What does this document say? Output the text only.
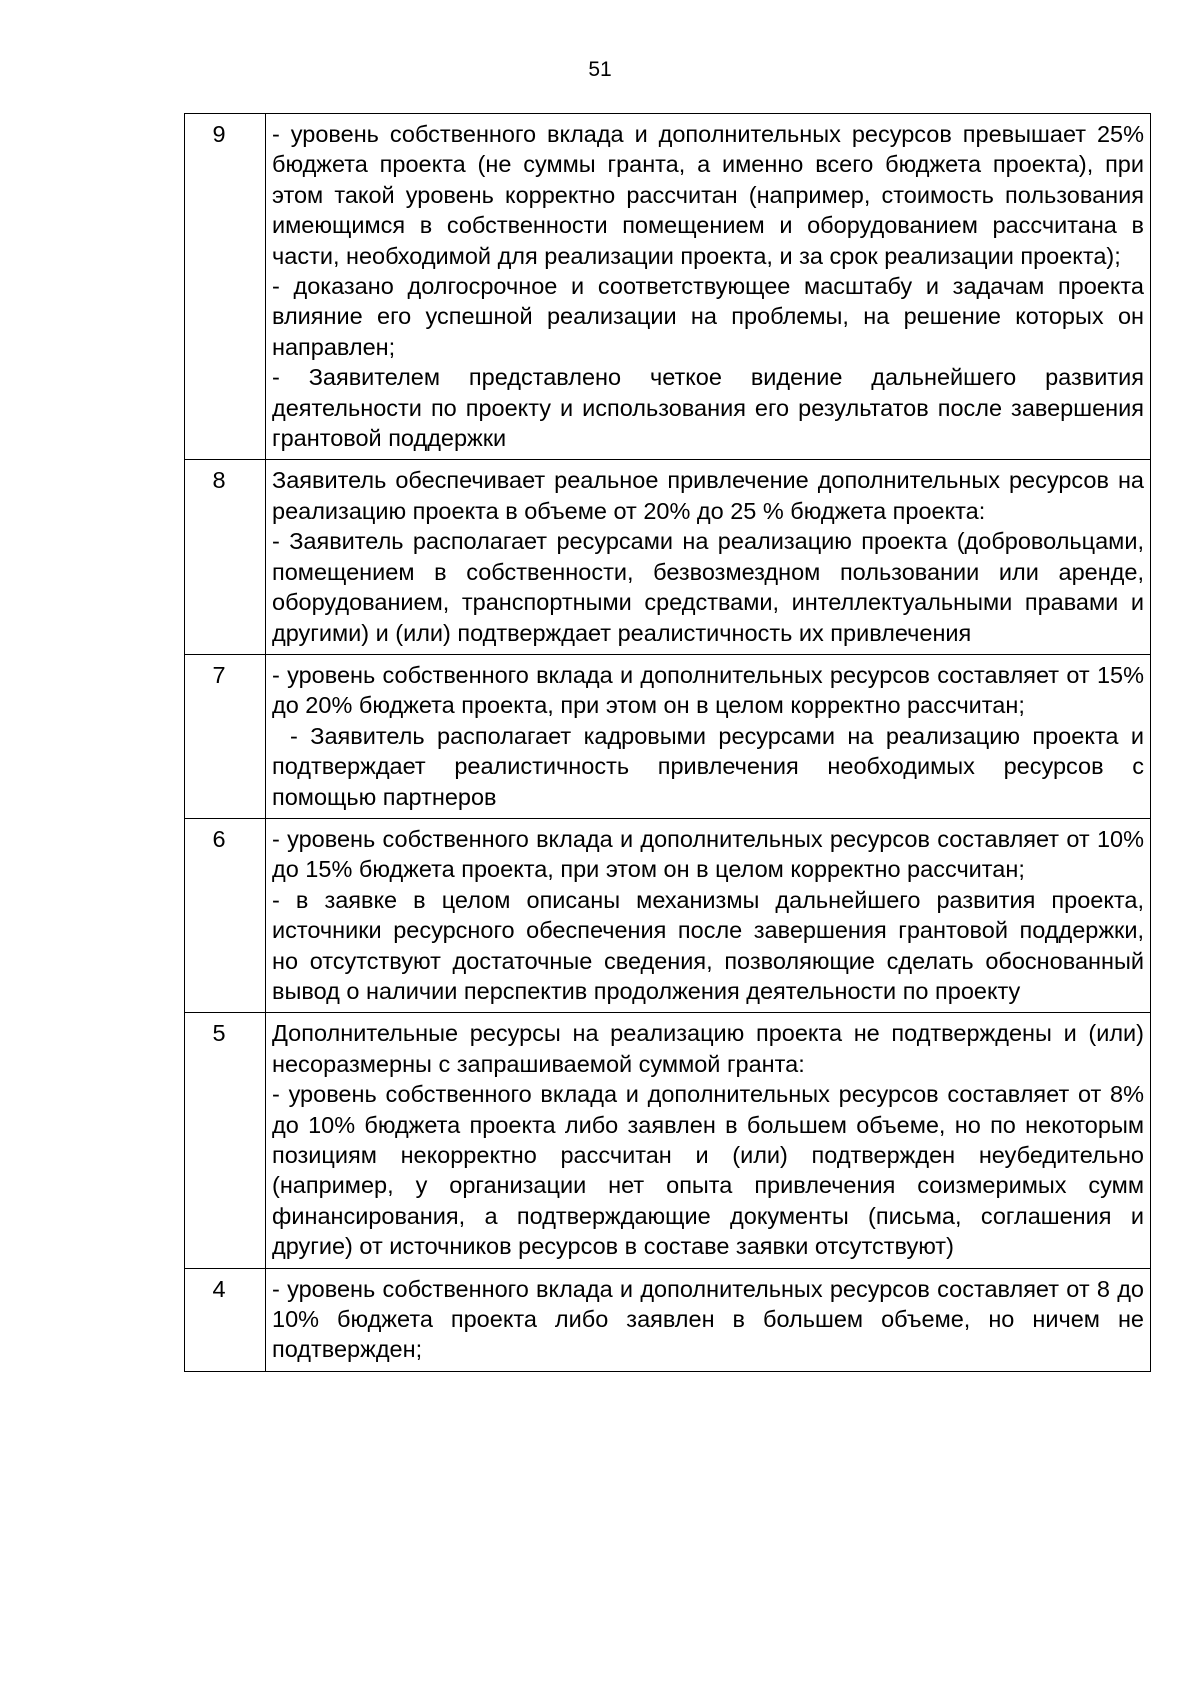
51
9	- уровень собственного вклада и дополнительных ресурсов превышает 25% бюджета проекта (не суммы гранта, а именно всего бюджета проекта), при этом такой уровень корректно рассчитан (например, стоимость пользования имеющимся в собственности помещением и оборудованием рассчитана в части, необходимой для реализации проекта, и за срок реализации проекта);
- доказано долгосрочное и соответствующее масштабу и задачам проекта влияние его успешной реализации на проблемы, на решение которых он направлен;
- Заявителем представлено четкое видение дальнейшего развития деятельности по проекту и использования его результатов после завершения грантовой поддержки

8	Заявитель обеспечивает реальное привлечение дополнительных ресурсов на реализацию проекта в объеме от 20% до 25 % бюджета проекта:
- Заявитель располагает ресурсами на реализацию проекта (добровольцами, помещением в собственности, безвозмездном пользовании или аренде, оборудованием, транспортными средствами, интеллектуальными правами и другими) и (или) подтверждает реалистичность их привлечения

7	- уровень собственного вклада и дополнительных ресурсов составляет от 15% до 20% бюджета проекта, при этом он в целом корректно рассчитан;
- Заявитель располагает кадровыми ресурсами на реализацию проекта и подтверждает реалистичность привлечения необходимых ресурсов с помощью партнеров

6	- уровень собственного вклада и дополнительных ресурсов составляет от 10% до 15% бюджета проекта, при этом он в целом корректно рассчитан;
- в заявке в целом описаны механизмы дальнейшего развития проекта, источники ресурсного обеспечения после завершения грантовой поддержки, но отсутствуют достаточные сведения, позволяющие сделать обоснованный вывод о наличии перспектив продолжения деятельности по проекту

5	Дополнительные ресурсы на реализацию проекта не подтверждены и (или) несоразмерны с запрашиваемой суммой гранта:
- уровень собственного вклада и дополнительных ресурсов составляет от 8% до 10% бюджета проекта либо заявлен в большем объеме, но по некоторым позициям некорректно рассчитан и (или) подтвержден неубедительно (например, у организации нет опыта привлечения соизмеримых сумм финансирования, а подтверждающие документы (письма, соглашения и другие) от источников ресурсов в составе заявки отсутствуют)

4	- уровень собственного вклада и дополнительных ресурсов составляет от 8 до 10% бюджета проекта либо заявлен в большем объеме, но ничем не подтвержден;
